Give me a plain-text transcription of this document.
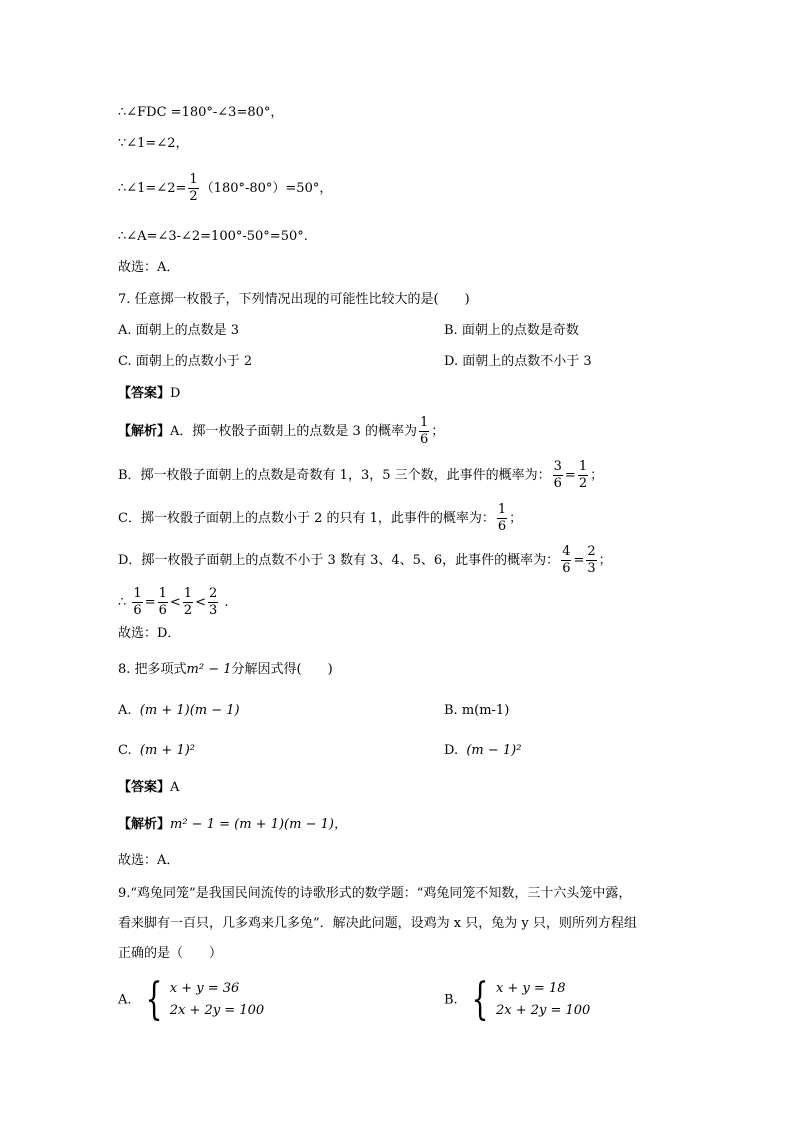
∴∠FDC =180°-∠3=80°，
∵∠1=∠2，
∴∠1=∠2= $\frac{1}{2} (180^\circ-80^\circ)=50^\circ$，
∴∠A=∠3-∠2=100°-50°=50°.
故选：A．
7. 任意掷一枚骰子，下列情况出现的可能性比较大的是(　　)
A. 面朝上的点数是 3	B. 面朝上的点数是奇数
C. 面朝上的点数小于 2	D. 面朝上的点数不小于 3
【答案】D
【解析】A．掷一枚骰子面朝上的点数是 3 的概率为 $\frac{1}{6}$ ；
B．掷一枚骰子面朝上的点数是奇数有 1，3，5 三个数，此事件的概率为： $\frac{3}{6} = \frac{1}{2}$ ；
C．掷一枚骰子面朝上的点数小于 2 的只有 1，此事件的概率为： $\frac{1}{6}$ ；
D．掷一枚骰子面朝上的点数不小于 3 数有 3、4、5、6，此事件的概率为： $\frac{4}{6} = \frac{2}{3}$ ；
∴ $\frac{1}{6} = \frac{1}{6} < \frac{1}{2} < \frac{2}{3}$ .
故选：D．
8. 把多项式m² − 1分解因式得(　　)
A. (m + 1)(m − 1)	B. m(m-1)
C. (m + 1)²	D. (m − 1)²
【答案】A
【解析】m² − 1 = (m + 1)(m − 1)，
故选：A．
9.“鸡兔同笼”是我国民间流传的诗歌形式的数学题：“鸡兔同笼不知数，三十六头笼中露，
看来脚有一百只，几多鸡来几多兔”．解决此问题，设鸡为 x 只，兔为 y 只，则所列方程组
正确的是（　　）
A. { x + y = 36
2x + 2y = 100
B. { x + y = 18
2x + 2y = 100
